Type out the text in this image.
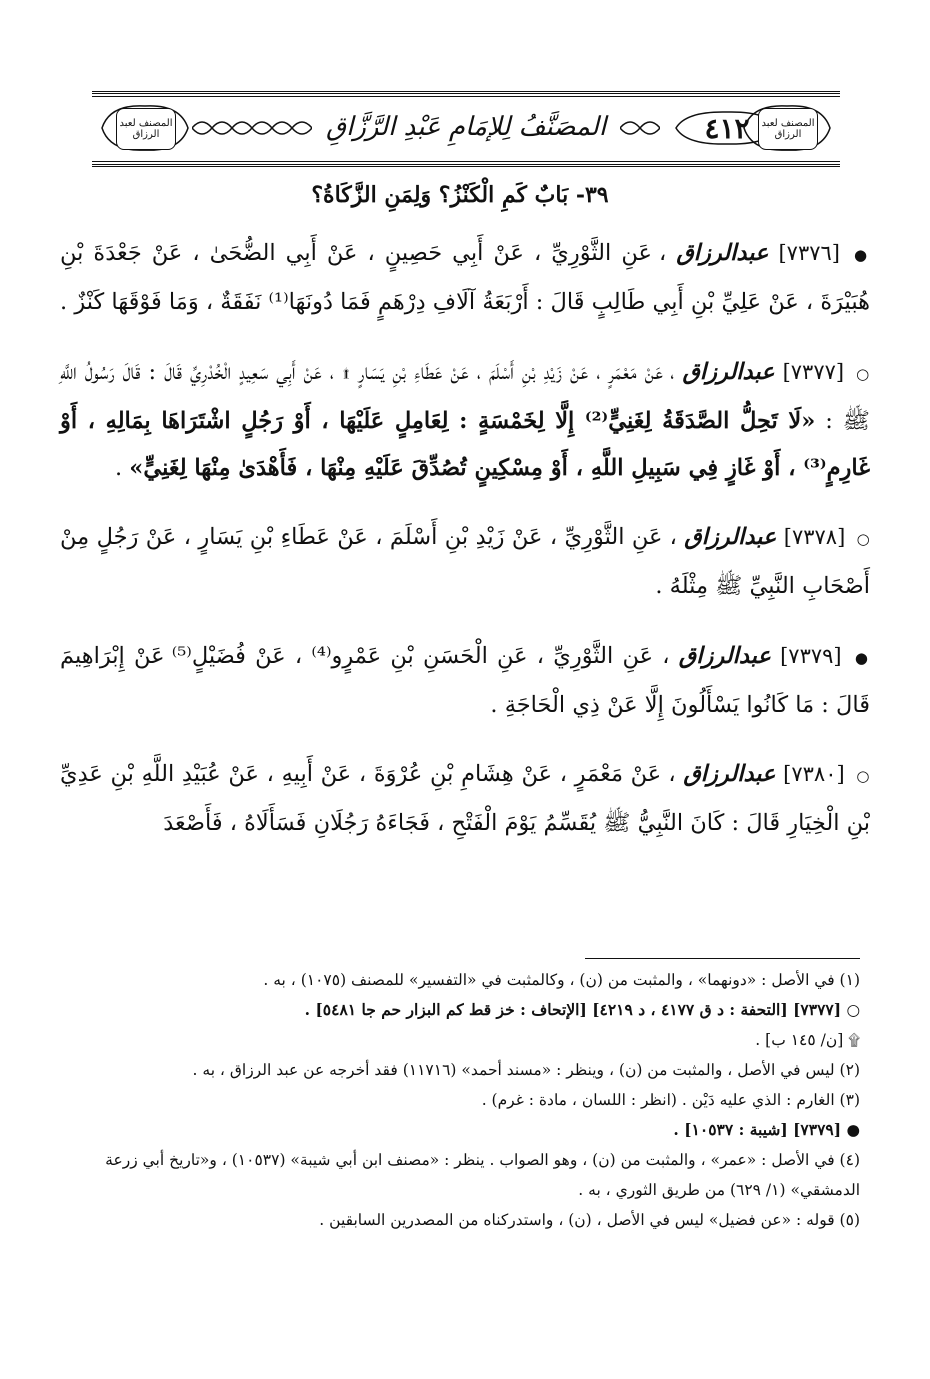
المصنف لعبد الرزاق	المصَنَّفُ لِلإمَامِ عَبْدِ الرَّزَّاقِ	٤١٢	المصنف لعبد الرزاق
٣٩- بَابٌ كَمِ الْكَنْزُ؟ وَلِمَنِ الزَّكَاةُ؟

● [٧٣٧٦] عبدالرزاق ، عَنِ الثَّوْرِيِّ ، عَنْ أَبِي حَصِينٍ ، عَنْ أَبِي الضُّحَىٰ ، عَنْ جَعْدَةَ بْنِ هُبَيْرَةَ ، عَنْ عَلِيِّ بْنِ أَبِي طَالِبٍ قَالَ : أَرْبَعَةُ آلَافِ دِرْهَمٍ فَمَا دُونَهَا⁽¹⁾ نَفَقَةٌ ، وَمَا فَوْقَهَا كَنْزٌ .

○ [٧٣٧٧] عبدالرزاق ، عَنْ مَعْمَرٍ ، عَنْ زَيْدِ بْنِ أَسْلَمَ ، عَنْ عَطَاءِ بْنِ يَسَارٍ ۩ ، عَنْ أَبِي سَعِيدٍ الْخُدْرِيِّ قَالَ : قَالَ رَسُولُ اللَّهِ ﷺ : «لَا تَحِلُّ الصَّدَقَةُ لِغَنِيٍّ⁽²⁾ إِلَّا لِخَمْسَةٍ : لِعَامِلٍ عَلَيْهَا ، أَوْ رَجُلٍ اشْتَرَاهَا بِمَالِهِ ، أَوْ غَارِمٍ⁽³⁾ ، أَوْ غَازٍ فِي سَبِيلِ اللَّهِ ، أَوْ مِسْكِينٍ تُصُدِّقَ عَلَيْهِ مِنْهَا ، فَأَهْدَىٰ مِنْهَا لِغَنِيٍّ» .

○ [٧٣٧٨] عبدالرزاق ، عَنِ الثَّوْرِيِّ ، عَنْ زَيْدِ بْنِ أَسْلَمَ ، عَنْ عَطَاءِ بْنِ يَسَارٍ ، عَنْ رَجُلٍ مِنْ أَصْحَابِ النَّبِيِّ ﷺ مِثْلَهُ .

● [٧٣٧٩] عبدالرزاق ، عَنِ الثَّوْرِيِّ ، عَنِ الْحَسَنِ بْنِ عَمْرٍو⁽⁴⁾ ، عَنْ فُضَيْلٍ⁽⁵⁾ عَنْ إِبْرَاهِيمَ قَالَ : مَا كَانُوا يَسْأَلُونَ إِلَّا عَنْ ذِي الْحَاجَةِ .

○ [٧٣٨٠] عبدالرزاق ، عَنْ مَعْمَرٍ ، عَنْ هِشَامِ بْنِ عُرْوَةَ ، عَنْ أَبِيهِ ، عَنْ عُبَيْدِ اللَّهِ بْنِ عَدِيِّ بْنِ الْخِيَارِ قَالَ : كَانَ النَّبِيُّ ﷺ يُقَسِّمُ يَوْمَ الْفَتْحِ ، فَجَاءَهُ رَجُلَانِ فَسَأَلَاهُ ، فَأَصْعَدَ

(١) في الأصل : «دونهما» ، والمثبت من (ن) ، وكالمثبت في «التفسير» للمصنف (١٠٧٥) ، به .
○ [٧٣٧٧] [التحفة : د ق ٤١٧٧ ، د ٤٢١٩] [الإتحاف : خز قط كم البزار حم جا ٥٤٨١] .
۩ [ن/ ١٤٥ ب] .
(٢) ليس في الأصل ، والمثبت من (ن) ، وينظر : «مسند أحمد» (١١٧١٦) فقد أخرجه عن عبد الرزاق ، به .
(٣) الغارم : الذي عليه دَيْن . (انظر : اللسان ، مادة : غرم) .
● [٧٣٧٩] [شيبة : ١٠٥٣٧] .
(٤) في الأصل : «عمر» ، والمثبت من (ن) ، وهو الصواب . ينظر : «مصنف ابن أبي شيبة» (١٠٥٣٧) ، و«تاريخ أبي زرعة الدمشقي» (١/ ٦٢٩) من طريق الثوري ، به .
(٥) قوله : «عن فضيل» ليس في الأصل ، (ن) ، واستدركناه من المصدرين السابقين .
